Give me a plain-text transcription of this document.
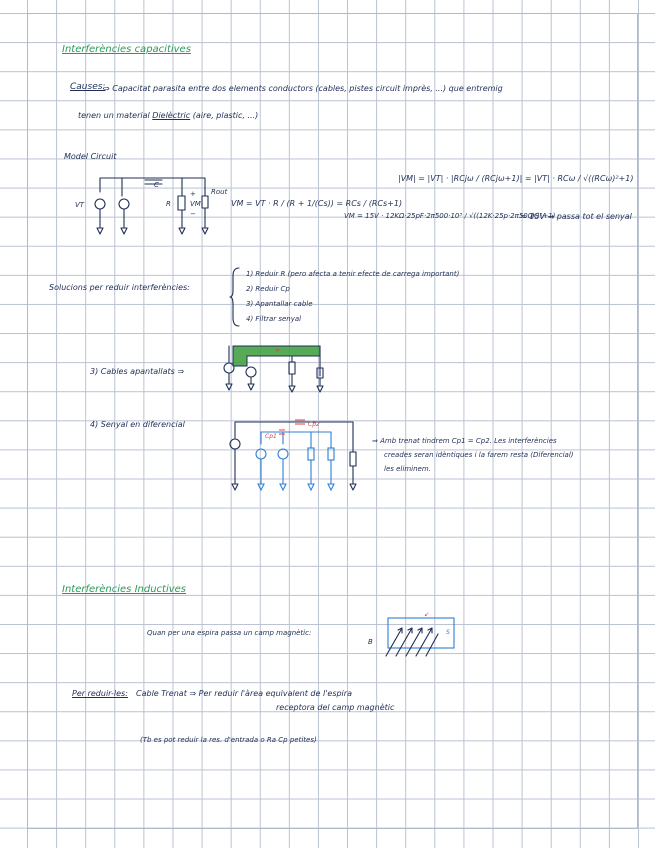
Interferències capacitives
Causes:
⇒ Capacitat parasita entre dos elements conductors (cables, pistes circuit imprès, ...) que entremig
tenen un material Dielèctric (aire, plastic, ...)
Model Circuit
C
VT	R
+
VM
−
Rout
VM = VT · R / (R + 1/(Cs)) = RCs / (RCs+1)
|VM| = |VT| · |RCjω / (RCjω+1)| = |VT| · RCω / √((RCω)²+1)
VM = 15V · 12KΩ·25pF·2π500·10³ / √((12K·25p·2π500K)²+1)
≈ 15V → passa tot el senyal
Solucions per reduir interferències:
1) Reduir R (pero afecta a tenir efecte de carrega important)
2) Reduir Cp
3) Apantallar cable
4) Filtrar senyal
3) Cables apantallats ⇒
≠
4) Senyal en diferencial	Cp2
Cp1
⇒ Amb trenat tindrem Cp1 = Cp2. Les interferències
creades seran idèntiques i la farem resta (Diferencial)
les eliminem.
Interferències Inductives
Quan per una espira passa un camp magnètic:
B
S
↙
Per reduir-les: Cable Trenat ⇒ Per reduir l'àrea equivalent de l'espira
receptora del camp magnètic
(Tb es pot reduir la res. d'entrada o Ra Cp petites)
